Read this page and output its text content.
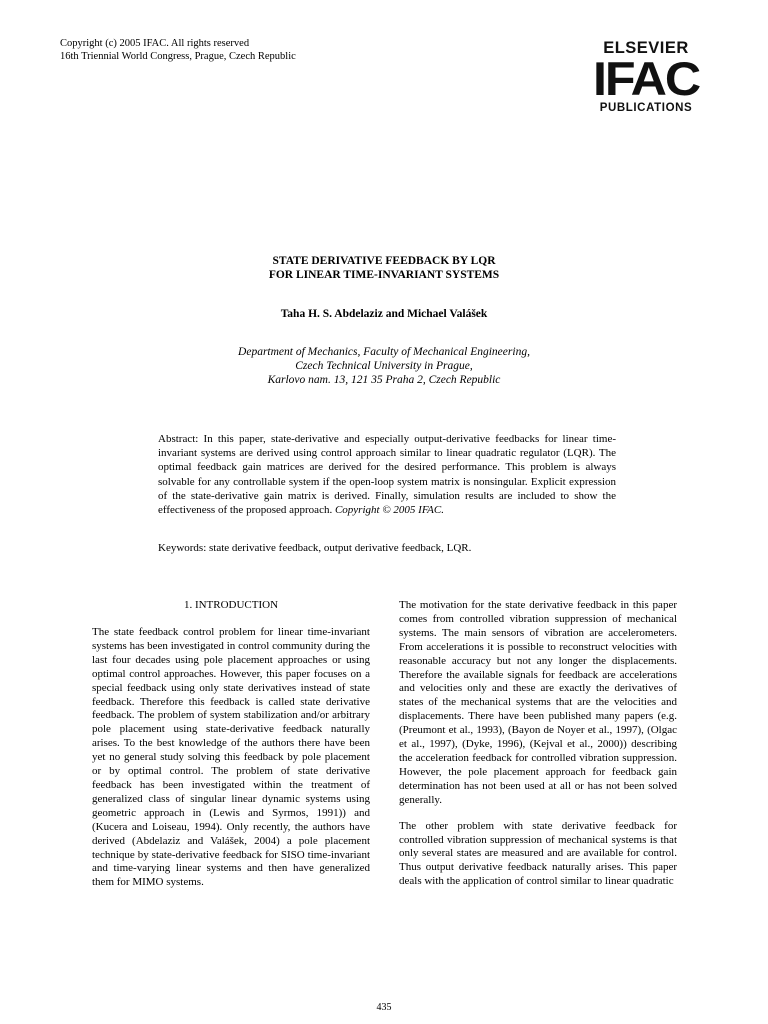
Copyright (c) 2005 IFAC. All rights reserved
16th Triennial World Congress, Prague, Czech Republic	ELSEVIER
IFAC
PUBLICATIONS
STATE DERIVATIVE FEEDBACK BY LQR
FOR LINEAR TIME-INVARIANT SYSTEMS
Taha H. S. Abdelaziz and Michael Valášek
Department of Mechanics, Faculty of Mechanical Engineering,
Czech Technical University in Prague,
Karlovo nam. 13, 121 35 Praha 2, Czech Republic
Abstract: In this paper, state-derivative and especially output-derivative feedbacks for linear time-invariant systems are derived using control approach similar to linear quadratic regulator (LQR). The optimal feedback gain matrices are derived for the desired performance. This problem is always solvable for any controllable system if the open-loop system matrix is nonsingular. Explicit expression of the state-derivative gain matrix is derived. Finally, simulation results are included to show the effectiveness of the proposed approach. Copyright © 2005 IFAC.
Keywords: state derivative feedback, output derivative feedback, LQR.
1. INTRODUCTION

The state feedback control problem for linear time-invariant systems has been investigated in control community during the last four decades using pole placement approaches or using optimal control approaches. However, this paper focuses on a special feedback using only state derivatives instead of state feedback. Therefore this feedback is called state derivative feedback. The problem of system stabilization and/or arbitrary pole placement using state-derivative feedback naturally arises. To the best knowledge of the authors there have been yet no general study solving this feedback by pole placement or by optimal control. The problem of state derivative feedback has been investigated within the treatment of generalized class of singular linear dynamic systems using geometric approach in (Lewis and Syrmos, 1991)) and (Kucera and Loiseau, 1994). Only recently, the authors have derived (Abdelaziz and Valášek, 2004) a pole placement technique by state-derivative feedback for SISO time-invariant and time-varying linear systems and then have generalized them for MIMO systems.

The motivation for the state derivative feedback in this paper comes from controlled vibration suppression of mechanical systems. The main sensors of vibration are accelerometers. From accelerations it is possible to reconstruct velocities with reasonable accuracy but not any longer the displacements. Therefore the available signals for feedback are accelerations and velocities only and these are exactly the derivatives of states of the mechanical systems that are the velocities and displacements. There have been published many papers (e.g. (Preumont et al., 1993), (Bayon de Noyer et al., 1997), (Olgac et al., 1997), (Dyke, 1996), (Kejval et al., 2000)) describing the acceleration feedback for controlled vibration suppression. However, the pole placement approach for feedback gain determination has not been used at all or has not been solved generally.

The other problem with state derivative feedback for controlled vibration suppression of mechanical systems is that only several states are measured and are available for control. Thus output derivative feedback naturally arises. This paper deals with the application of control similar to linear quadratic

435
